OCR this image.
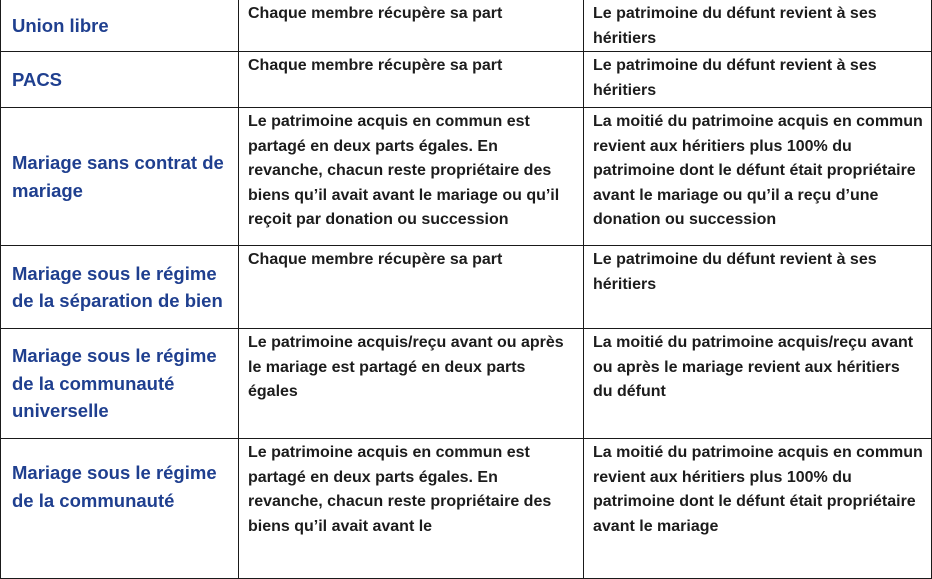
Union libre	Chaque membre récupère sa part	Le patrimoine du défunt revient à ses héritiers
PACS	Chaque membre récupère sa part	Le patrimoine du défunt revient à ses héritiers
Mariage sans contrat de mariage	Le patrimoine acquis en commun est partagé en deux parts égales. En revanche, chacun reste propriétaire des biens qu’il avait avant le mariage ou qu’il reçoit par donation ou succession	La moitié du patrimoine acquis en commun revient aux héritiers plus 100% du patrimoine dont le défunt était propriétaire avant le mariage ou qu’il a reçu d’une donation ou succession
Mariage sous le régime de la séparation de bien	Chaque membre récupère sa part	Le patrimoine du défunt revient à ses héritiers
Mariage sous le régime de la communauté universelle	Le patrimoine acquis/reçu avant ou après le mariage est partagé en deux parts égales	La moitié du patrimoine acquis/reçu avant ou après le mariage revient aux héritiers du défunt
Mariage sous le régime de la communauté	Le patrimoine acquis en commun est partagé en deux parts égales. En revanche, chacun reste propriétaire des biens qu’il avait avant le	La moitié du patrimoine acquis en commun revient aux héritiers plus 100% du patrimoine dont le défunt était propriétaire avant le mariage
